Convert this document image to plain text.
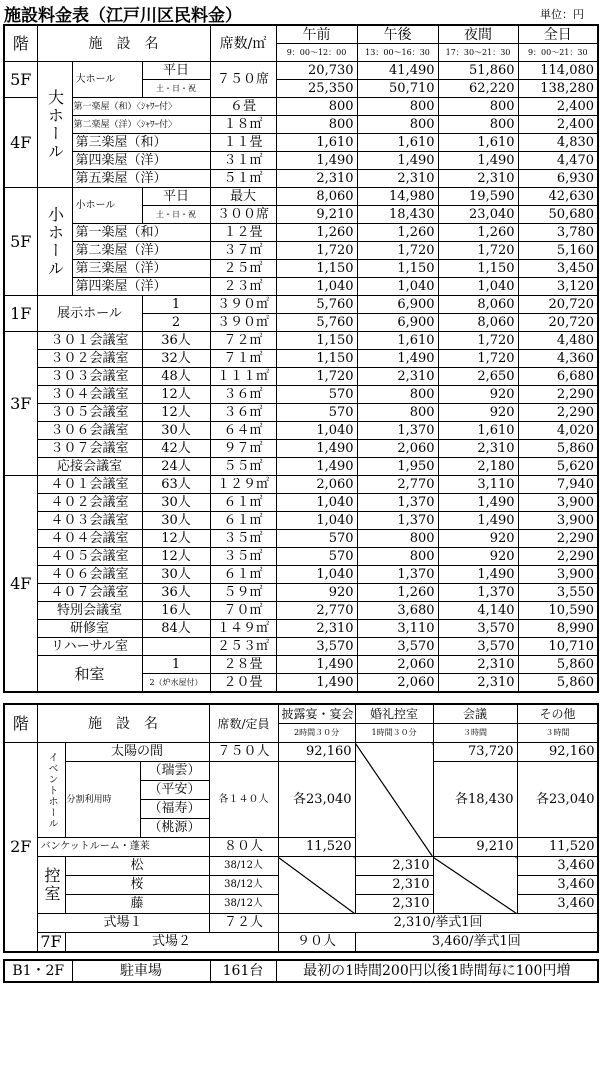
施設料金表（江戸川区民料金）	単位：円
階	施　設　名			席数/㎡	午前	午後	夜間	全日
					9：00～12：00	13：00～16：30	17：30～21：30	9：00～21：30
5F	大ホール	大ホール	平日	７５０席	20,730	41,490	51,860	114,080
			土・日・祝		25,350	50,710	62,220	138,280
4F		第一楽屋（和）〈ｼｬﾜｰ付〉		６畳	800	800	800	2,400
		第二楽屋（洋）〈ｼｬﾜｰ付〉		１８㎡	800	800	800	2,400
		第三楽屋（和）		１１畳	1,610	1,610	1,610	4,830
		第四楽屋（洋）		３１㎡	1,490	1,490	1,490	4,470
		第五楽屋（洋）		５１㎡	2,310	2,310	2,310	6,930
5F	小ホール	小ホール	平日	最大	8,060	14,980	19,590	42,630
			土・日・祝	３００席	9,210	18,430	23,040	50,680
		第一楽屋（和）		１２畳	1,260	1,260	1,260	3,780
		第二楽屋（洋）		３７㎡	1,720	1,720	1,720	5,160
		第三楽屋（洋）		２５㎡	1,150	1,150	1,150	3,450
		第四楽屋（洋）		２３㎡	1,040	1,040	1,040	3,120
1F	展示ホール		1	３９０㎡	5,760	6,900	8,060	20,720
			2	３９０㎡	5,760	6,900	8,060	20,720
3F	３０１会議室		36人	７２㎡	1,150	1,610	1,720	4,480
	３０２会議室		32人	７１㎡	1,150	1,490	1,720	4,360
	３０３会議室		48人	１１１㎡	1,720	2,310	2,650	6,680
	３０４会議室		12人	３６㎡	570	800	920	2,290
	３０５会議室		12人	３６㎡	570	800	920	2,290
	３０６会議室		30人	６４㎡	1,040	1,370	1,610	4,020
	３０７会議室		42人	９７㎡	1,490	2,060	2,310	5,860
	応接会議室		24人	５５㎡	1,490	1,950	2,180	5,620
4F	４０１会議室		63人	１２９㎡	2,060	2,770	3,110	7,940
	４０２会議室		30人	６１㎡	1,040	1,370	1,490	3,900
	４０３会議室		30人	６１㎡	1,040	1,370	1,490	3,900
	４０４会議室		12人	３５㎡	570	800	920	2,290
	４０５会議室		12人	３５㎡	570	800	920	2,290
	４０６会議室		30人	６１㎡	1,040	1,370	1,490	3,900
	４０７会議室		36人	５９㎡	920	1,260	1,370	3,550
	特別会議室		16人	７０㎡	2,770	3,680	4,140	10,590
	研修室		84人	１４９㎡	2,310	3,110	3,570	8,990
	リハーサル室			２５３㎡	3,570	3,570	3,570	10,710
	和室		1	２８畳	1,490	2,060	2,310	5,860
			2（炉水屋付）	２０畳	1,490	2,060	2,310	5,860
階	施　設　名			席数/定員	披露宴・宴会	婚礼控室	会議	その他
					2時間３０分	1時間３０分	３時間	３時間
2F	イベントホール	太陽の間		７５０人	92,160		73,720	92,160
		分割利用時	（瑞雲）	各１４０人	各23,040		各18,430	各23,040
			（平安）					
			（福寿）					
			（桃源）					
	バンケットルーム・蓬莱			８０人	11,520		9,210	11,520

	控室	松		38/12人		2,310		3,460
		桜		38/12人		2,310		3,460
		藤		38/12人		2,310		3,460
	式場１			７２人	2,310/挙式1回			
	7F	式場２			９０人	3,460/挙式1回		
B1・2F	駐車場	161台	最初の1時間200円以後1時間毎に100円増
